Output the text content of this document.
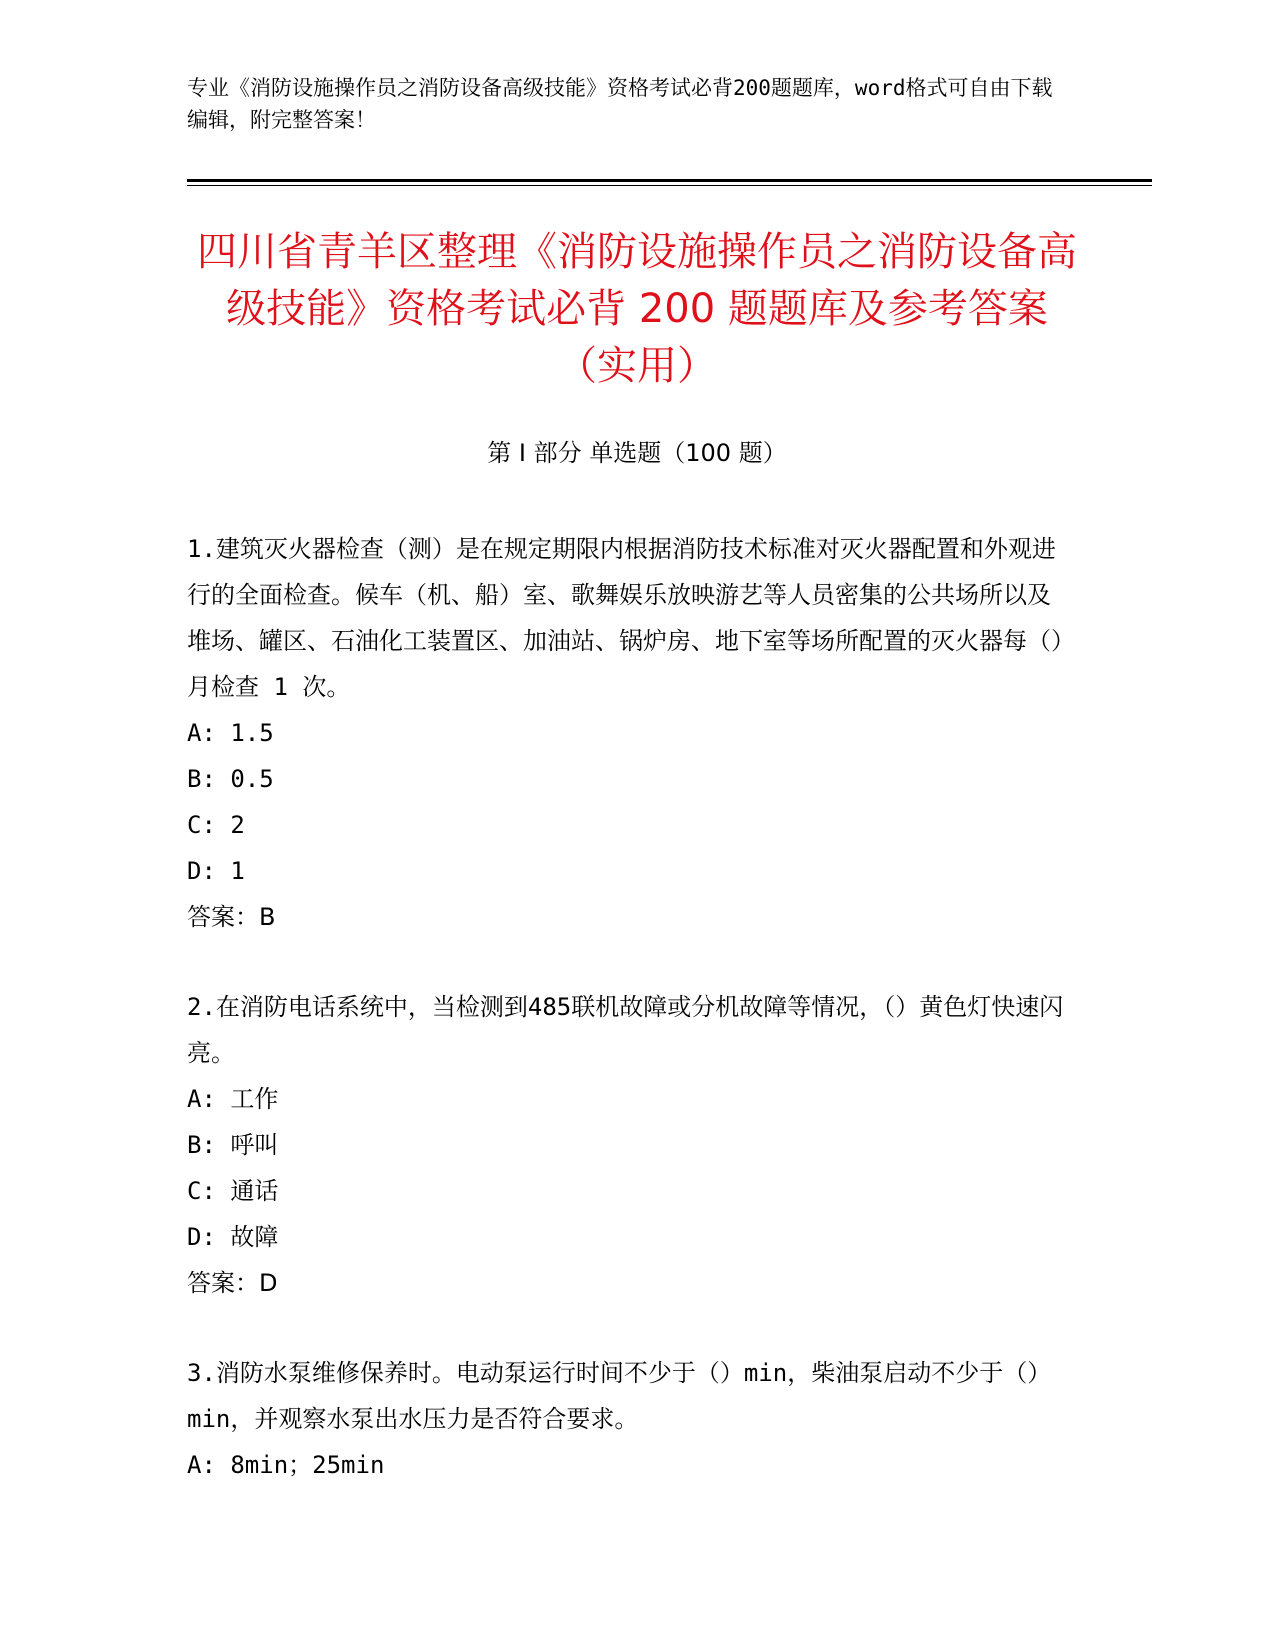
专业《消防设施操作员之消防设备高级技能》资格考试必背200题题库，word格式可自由下载编辑，附完整答案！
四川省青羊区整理《消防设施操作员之消防设备高级技能》资格考试必背 200 题题库及参考答案（实用）
第 I 部分 单选题（100 题）

1.建筑灭火器检查（测）是在规定期限内根据消防技术标准对灭火器配置和外观进行的全面检查。候车（机、船）室、歌舞娱乐放映游艺等人员密集的公共场所以及堆场、罐区、石油化工装置区、加油站、锅炉房、地下室等场所配置的灭火器每（）月检查 1 次。

A: 1.5

B: 0.5

C: 2

D: 1

答案：B

2.在消防电话系统中，当检测到485联机故障或分机故障等情况，（）黄色灯快速闪亮。

A: 工作

B: 呼叫

C: 通话

D: 故障

答案：D

3.消防水泵维修保养时。电动泵运行时间不少于（）min，柴油泵启动不少于（）min，并观察水泵出水压力是否符合要求。

A: 8min；25min
